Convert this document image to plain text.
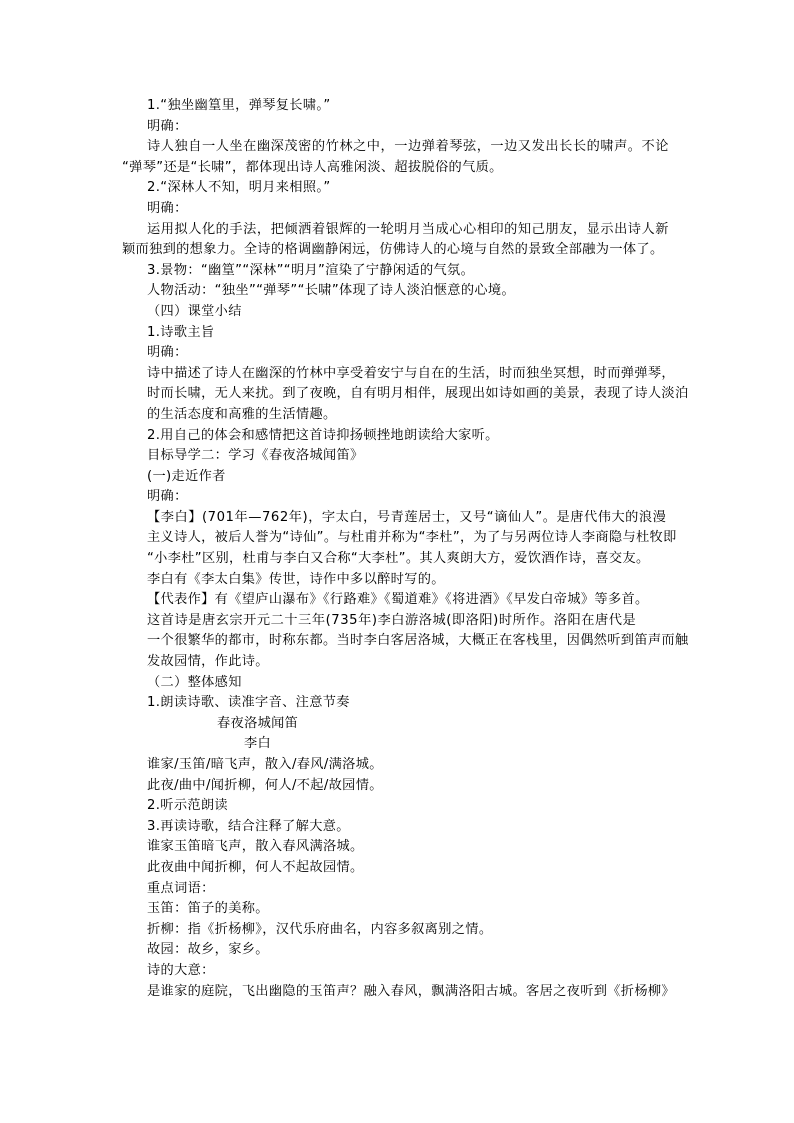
1.“独坐幽篁里，弹琴复长啸。”
明确：
诗人独自一人坐在幽深茂密的竹林之中，一边弹着琴弦，一边又发出长长的啸声。不论
“弹琴”还是“长啸”，都体现出诗人高雅闲淡、超拔脱俗的气质。
2.“深林人不知，明月来相照。”
明确：
运用拟人化的手法，把倾洒着银辉的一轮明月当成心心相印的知己朋友，显示出诗人新
颖而独到的想象力。全诗的格调幽静闲远，仿佛诗人的心境与自然的景致全部融为一体了。
3.景物：“幽篁”“深林”“明月”渲染了宁静闲适的气氛。
人物活动：“独坐”“弹琴”“长啸”体现了诗人淡泊惬意的心境。
（四）课堂小结
1.诗歌主旨
明确：
诗中描述了诗人在幽深的竹林中享受着安宁与自在的生活，时而独坐冥想，时而弹弹琴，
时而长啸，无人来扰。到了夜晚，自有明月相伴，展现出如诗如画的美景，表现了诗人淡泊
的生活态度和高雅的生活情趣。
2.用自己的体会和感情把这首诗抑扬顿挫地朗读给大家听。
目标导学二：学习《春夜洛城闻笛》
(一)走近作者
明确：
【李白】(701年—762年)，字太白，号青莲居士，又号“谪仙人”。是唐代伟大的浪漫
主义诗人，被后人誉为“诗仙”。与杜甫并称为“李杜”，为了与另两位诗人李商隐与杜牧即
“小李杜”区别，杜甫与李白又合称“大李杜”。其人爽朗大方，爱饮酒作诗，喜交友。
李白有《李太白集》传世，诗作中多以醉时写的。
【代表作】有《望庐山瀑布》《行路难》《蜀道难》《将进酒》《早发白帝城》等多首。
这首诗是唐玄宗开元二十三年(735年)李白游洛城(即洛阳)时所作。洛阳在唐代是
一个很繁华的都市，时称东都。当时李白客居洛城，大概正在客栈里，因偶然听到笛声而触
发故园情，作此诗。
（二）整体感知
1.朗读诗歌、读准字音、注意节奏
春夜洛城闻笛
李白
谁家/玉笛/暗飞声，散入/春风/满洛城。
此夜/曲中/闻折柳，何人/不起/故园情。
2.听示范朗读
3.再读诗歌，结合注释了解大意。
谁家玉笛暗飞声，散入春风满洛城。
此夜曲中闻折柳，何人不起故园情。
重点词语：
玉笛：笛子的美称。
折柳：指《折杨柳》，汉代乐府曲名，内容多叙离别之情。
故园：故乡，家乡。
诗的大意：
是谁家的庭院，飞出幽隐的玉笛声？融入春风，飘满洛阳古城。客居之夜听到《折杨柳》
